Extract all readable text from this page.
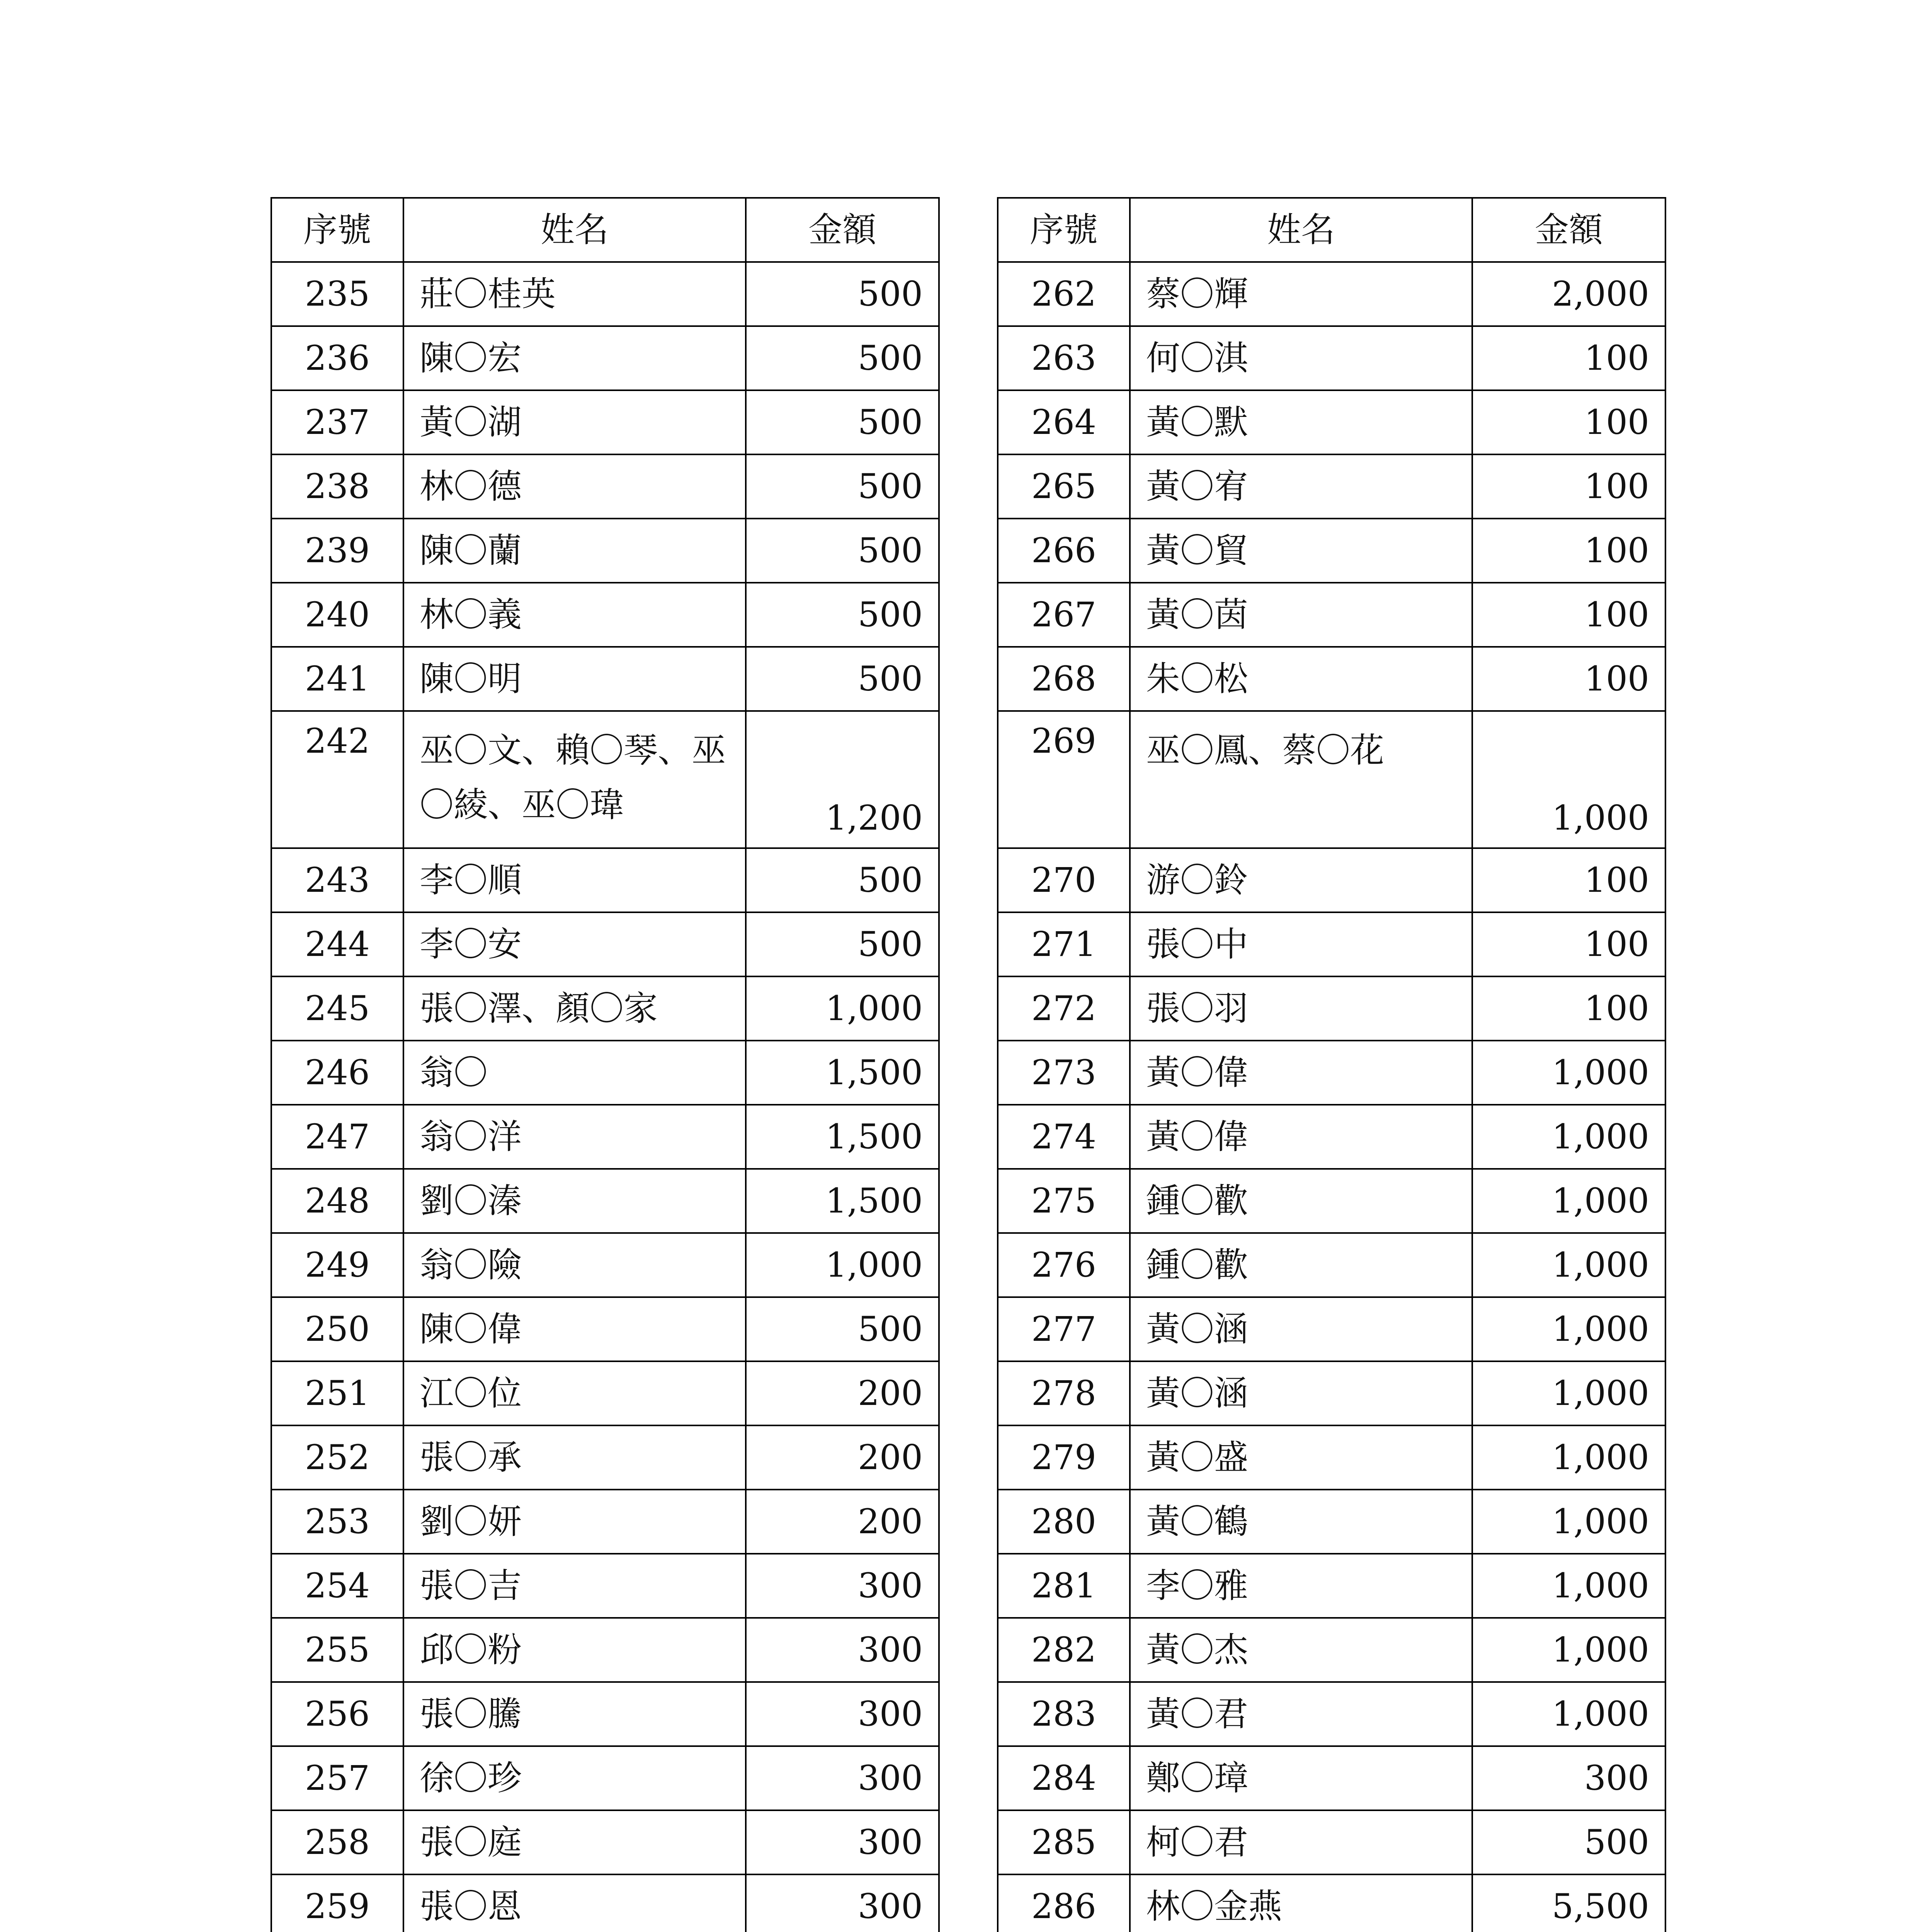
序號	姓名	金額
235	莊〇桂英	500
236	陳〇宏	500
237	黃〇湖	500
238	林〇德	500
239	陳〇蘭	500
240	林〇義	500
241	陳〇明	500
242	巫〇文、賴〇琴、巫〇綾、巫〇瑋	1,200
243	李〇順	500
244	李〇安	500
245	張〇澤、顏〇家	1,000
246	翁〇	1,500
247	翁〇洋	1,500
248	劉〇溱	1,500
249	翁〇險	1,000
250	陳〇偉	500
251	江〇位	200
252	張〇承	200
253	劉〇妍	200
254	張〇吉	300
255	邱〇粉	300
256	張〇騰	300
257	徐〇珍	300
258	張〇庭	300
259	張〇恩	300

序號	姓名	金額
262	蔡〇輝	2,000
263	何〇淇	100
264	黃〇默	100
265	黃〇宥	100
266	黃〇貿	100
267	黃〇茵	100
268	朱〇松	100
269	巫〇鳳、蔡〇花	1,000
270	游〇鈴	100
271	張〇中	100
272	張〇羽	100
273	黃〇偉	1,000
274	黃〇偉	1,000
275	鍾〇歡	1,000
276	鍾〇歡	1,000
277	黃〇涵	1,000
278	黃〇涵	1,000
279	黃〇盛	1,000
280	黃〇鶴	1,000
281	李〇雅	1,000
282	黃〇杰	1,000
283	黃〇君	1,000
284	鄭〇璋	300
285	柯〇君	500
286	林〇金燕	5,500
